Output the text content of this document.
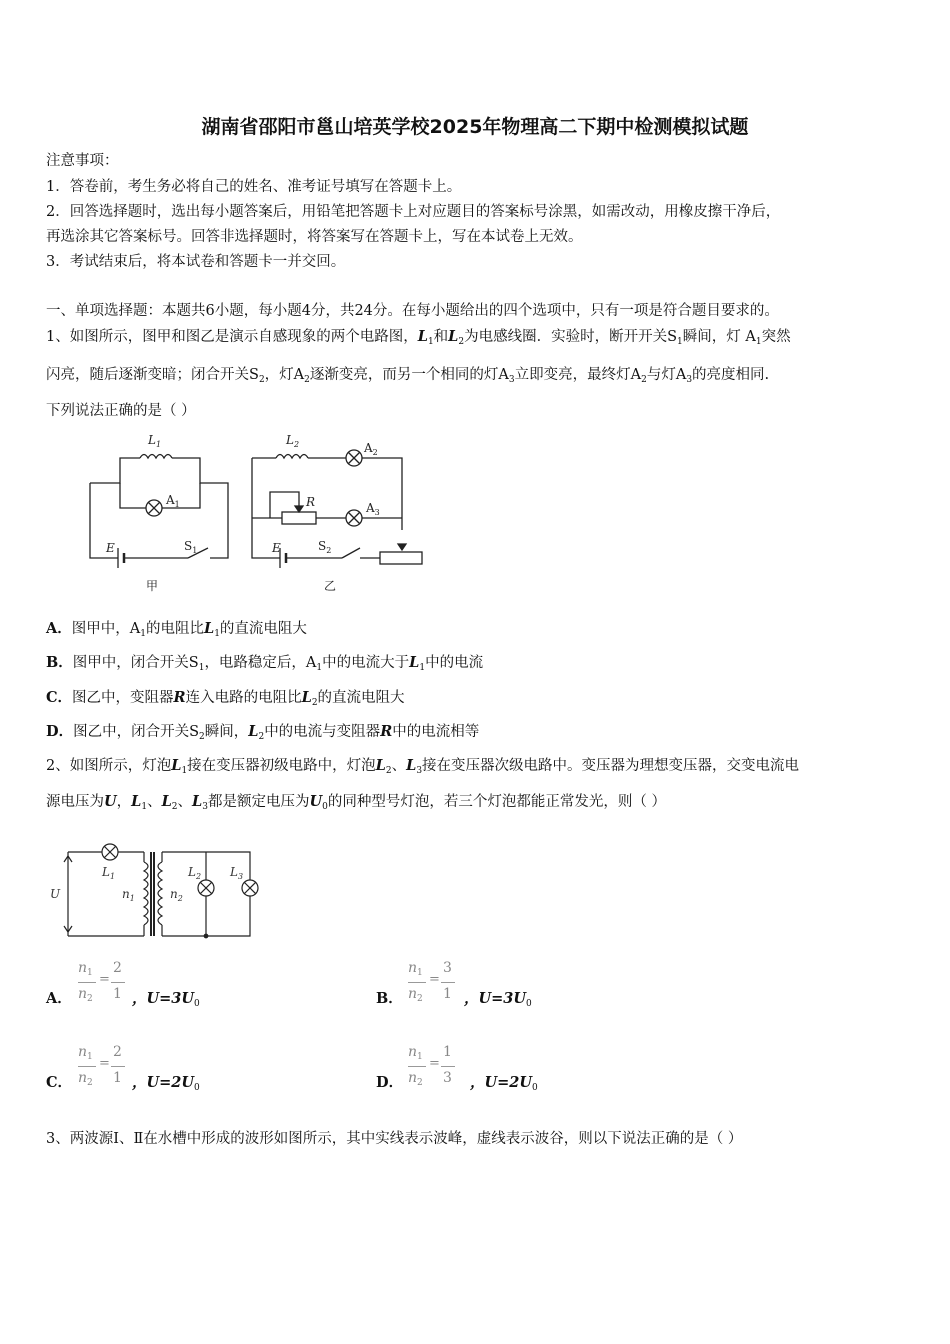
湖南省邵阳市邕山培英学校2025年物理高二下期中检测模拟试题
注意事项：
1．答卷前，考生务必将自己的姓名、准考证号填写在答题卡上。
2．回答选择题时，选出每小题答案后，用铅笔把答题卡上对应题目的答案标号涂黑，如需改动，用橡皮擦干净后，
再选涂其它答案标号。回答非选择题时，将答案写在答题卡上，写在本试卷上无效。
3．考试结束后，将本试卷和答题卡一并交回。
一、单项选择题：本题共6小题，每小题4分，共24分。在每小题给出的四个选项中，只有一项是符合题目要求的。
1、如图所示，图甲和图乙是演示自感现象的两个电路图，$L_1$和$L_2$为电感线圈．实验时，断开开关$S_1$瞬间，灯 $A_1$突然
闪亮，随后逐渐变暗；闭合开关$S_2$，灯$A_2$逐渐变亮，而另一个相同的灯$A_3$立即变亮，最终灯$A_2$与灯$A_3$的亮度相同.
下列说法正确的是（ ）
$L_1$
$A_1$
E	$S_1$
甲
$L_2$	$A_2$
R	$A_3$
E	$S_2$
乙
A．图甲中，$A_1$的电阻比$L_1$的直流电阻大
B．图甲中，闭合开关$S_1$，电路稳定后，$A_1$中的电流大于$L_1$中的电流
C．图乙中，变阻器R连入电路的电阻比$L_2$的直流电阻大
D．图乙中，闭合开关$S_2$瞬间，$L_2$中的电流与变阻器R中的电流相等
2、如图所示，灯泡$L_1$接在变压器初级电路中，灯泡$L_2$、$L_3$接在变压器次级电路中。变压器为理想变压器，交变电流电
源电压为U，$L_1$、$L_2$、$L_3$都是额定电压为$U_0$的同种型号灯泡，若三个灯泡都能正常发光，则（ ）
U
$L_1$
$n_1$	$n_2$
$L_2$ $L_3$
A．
$n_1$
$n_2$
=
2
1 ，$U=3U_0$	B．
$n_1$
$n_2$
=
3
1 ，$U=3U_0$
C．
$n_1$
$n_2$
=
2
1 ，$U=2U_0$	D．
$n_1$
$n_2$
=
1
3 ，$U=2U_0$
3、两波源Ⅰ、Ⅱ在水槽中形成的波形如图所示，其中实线表示波峰，虚线表示波谷，则以下说法正确的是（ ）
